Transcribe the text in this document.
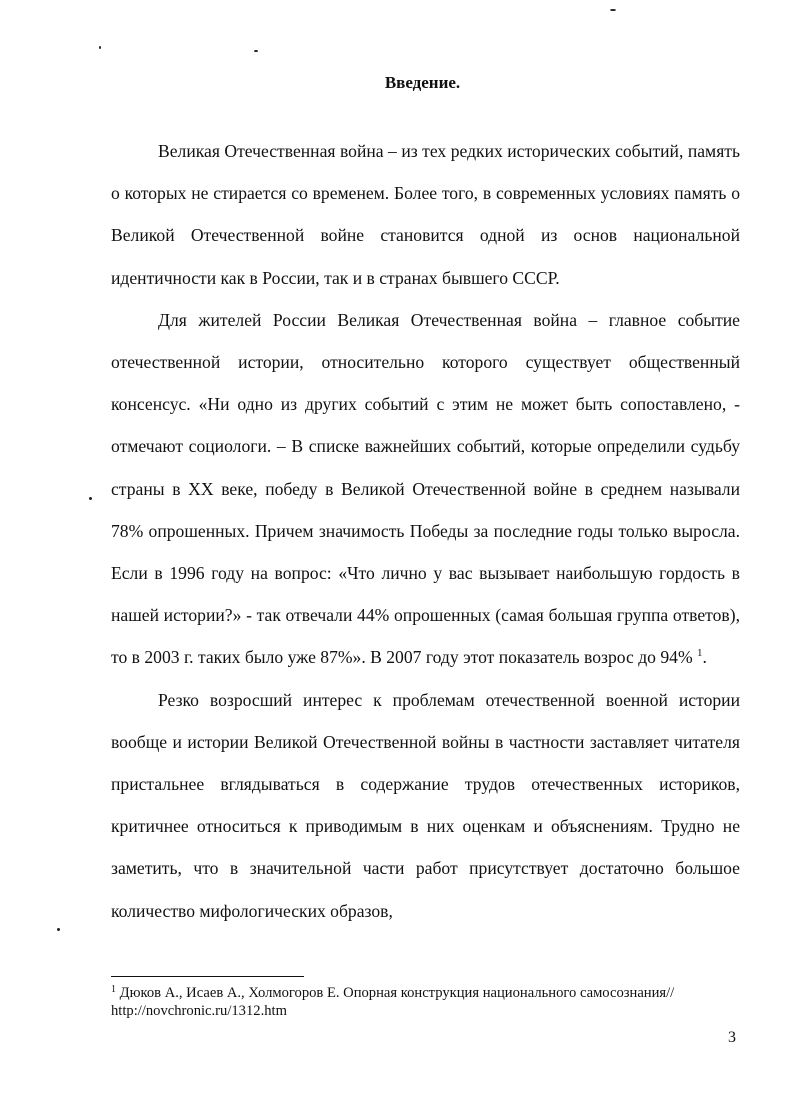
Введение.

Великая Отечественная война – из тех редких исторических событий, память о которых не стирается со временем. Более того, в современных условиях память о Великой Отечественной войне становится одной из основ национальной идентичности как в России, так и в странах бывшего СССР.

Для жителей России Великая Отечественная война – главное событие отечественной истории, относительно которого существует общественный консенсус. «Ни одно из других событий с этим не может быть сопоставлено, - отмечают социологи. – В списке важнейших событий, которые определили судьбу страны в XX веке, победу в Великой Отечественной войне в среднем называли 78% опрошенных. Причем значимость Победы за последние годы только выросла. Если в 1996 году на вопрос: «Что лично у вас вызывает наибольшую гордость в нашей истории?» - так отвечали 44% опрошенных (самая большая группа ответов), то в 2003 г. таких было уже 87%». В 2007 году этот показатель возрос до 94% $^1$.

Резко возросший интерес к проблемам отечественной военной истории вообще и истории Великой Отечественной войны в частности заставляет читателя пристальнее вглядываться в содержание трудов отечественных историков, критичнее относиться к приводимым в них оценкам и объяснениям. Трудно не заметить, что в значительной части работ присутствует достаточно большое количество мифологических образов,

$^1$ Дюков А., Исаев А., Холмогоров Е. Опорная конструкция национального самосознания// http://novchronic.ru/1312.htm
3
